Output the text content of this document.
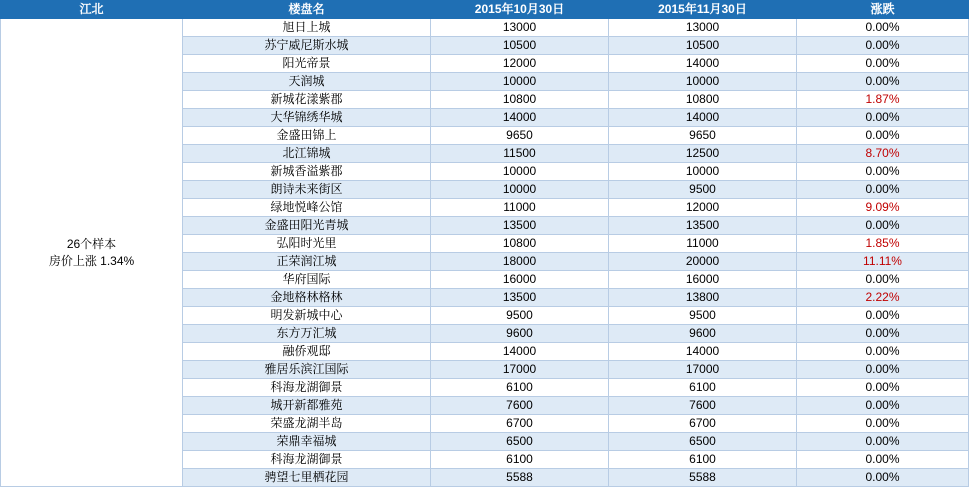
江北	楼盘名	2015年10月30日	2015年11月30日	涨跌

26个样本
房价上涨 1.34%	旭日上城	13000	13000	0.00%
	苏宁威尼斯水城	10500	10500	0.00%
	阳光帝景	12000	14000	0.00%
	天润城	10000	10000	0.00%
	新城花漾紫郡	10800	10800	1.87%
	大华锦绣华城	14000	14000	0.00%
	金盛田锦上	9650	9650	0.00%
	北江锦城	11500	12500	8.70%
	新城香溢紫郡	10000	10000	0.00%
	朗诗未来街区	10000	9500	0.00%
	绿地悦峰公馆	11000	12000	9.09%
	金盛田阳光青城	13500	13500	0.00%
	弘阳时光里	10800	11000	1.85%
	正荣润江城	18000	20000	11.11%
	华府国际	16000	16000	0.00%
	金地格林格林	13500	13800	2.22%
	明发新城中心	9500	9500	0.00%
	东方万汇城	9600	9600	0.00%
	融侨观邸	14000	14000	0.00%
	雅居乐滨江国际	17000	17000	0.00%
	科海龙湖御景	6100	6100	0.00%
	城开新都雅苑	7600	7600	0.00%
	荣盛龙湖半岛	6700	6700	0.00%
	荣鼎幸福城	6500	6500	0.00%
	科海龙湖御景	6100	6100	0.00%
	骋望七里栖花园	5588	5588	0.00%
